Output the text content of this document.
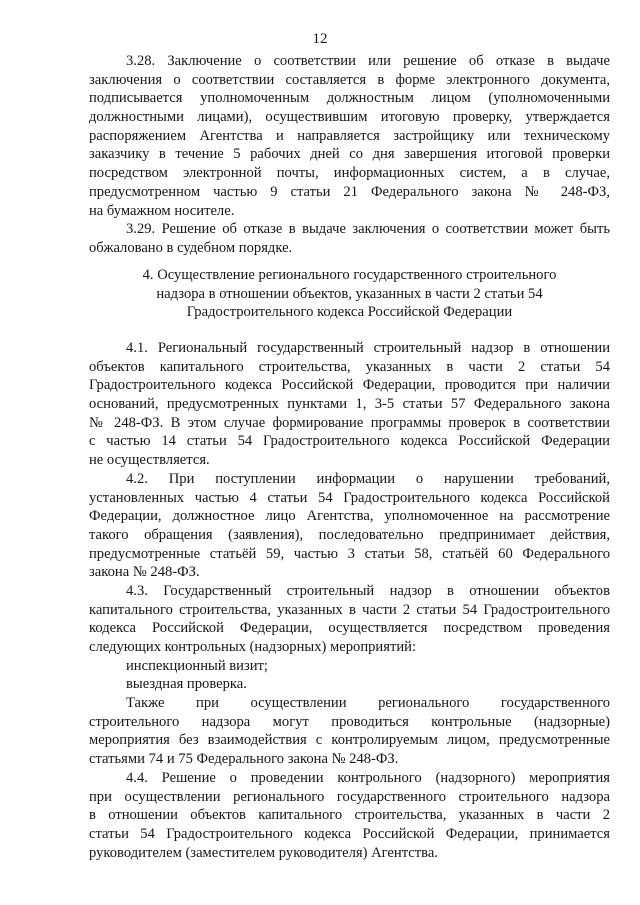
12
3.28. Заключение о соответствии или решение об отказе в выдаче
заключения о соответствии составляется в форме электронного документа,
подписывается уполномоченным должностным лицом (уполномоченными
должностными лицами), осуществившим итоговую проверку, утверждается
распоряжением Агентства и направляется застройщику или техническому
заказчику в течение 5 рабочих дней со дня завершения итоговой проверки
посредством электронной почты, информационных систем, а в случае,
предусмотренном частью 9 статьи 21 Федерального закона № 248-ФЗ,
на бумажном носителе.
3.29. Решение об отказе в выдаче заключения о соответствии может быть
обжаловано в судебном порядке.
4. Осуществление регионального государственного строительного
надзора в отношении объектов, указанных в части 2 статьи 54
Градостроительного кодекса Российской Федерации
4.1. Региональный государственный строительный надзор в отношении
объектов капитального строительства, указанных в части 2 статьи 54
Градостроительного кодекса Российской Федерации, проводится при наличии
оснований, предусмотренных пунктами 1, 3-5 статьи 57 Федерального закона
№ 248-ФЗ. В этом случае формирование программы проверок в соответствии
с частью 14 статьи 54 Градостроительного кодекса Российской Федерации
не осуществляется.
4.2. При поступлении информации о нарушении требований,
установленных частью 4 статьи 54 Градостроительного кодекса Российской
Федерации, должностное лицо Агентства, уполномоченное на рассмотрение
такого обращения (заявления), последовательно предпринимает действия,
предусмотренные статьёй 59, частью 3 статьи 58, статьёй 60 Федерального
закона № 248-ФЗ.
4.3. Государственный строительный надзор в отношении объектов
капитального строительства, указанных в части 2 статьи 54 Градостроительного
кодекса Российской Федерации, осуществляется посредством проведения
следующих контрольных (надзорных) мероприятий:
инспекционный визит;
выездная проверка.
Также при осуществлении регионального государственного
строительного надзора могут проводиться контрольные (надзорные)
мероприятия без взаимодействия с контролируемым лицом, предусмотренные
статьями 74 и 75 Федерального закона № 248-ФЗ.
4.4. Решение о проведении контрольного (надзорного) мероприятия
при осуществлении регионального государственного строительного надзора
в отношении объектов капитального строительства, указанных в части 2
статьи 54 Градостроительного кодекса Российской Федерации, принимается
руководителем (заместителем руководителя) Агентства.
